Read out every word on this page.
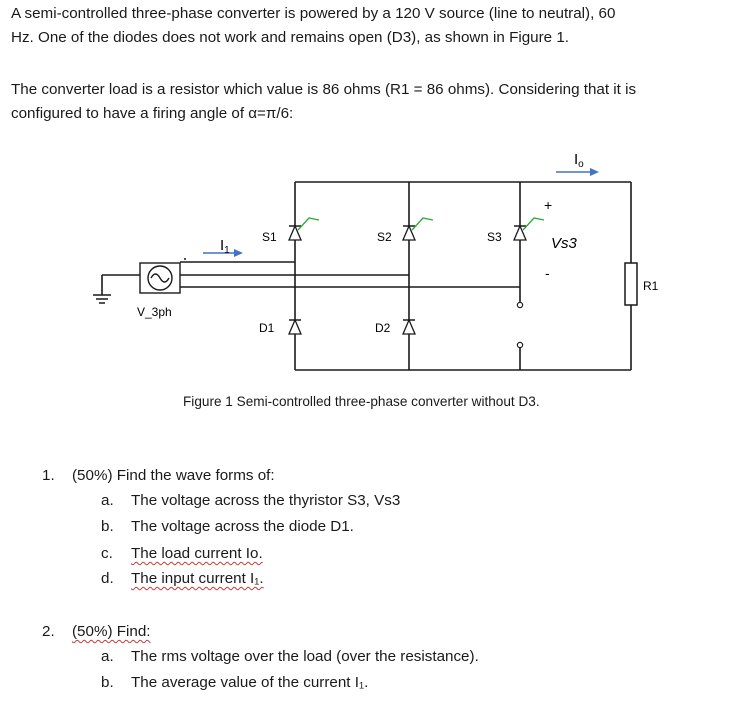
A semi-controlled three-phase converter is powered by a 120 V source (line to neutral), 60
Hz. One of the diodes does not work and remains open (D3), as shown in Figure 1.

The converter load is a resistor which value is 86 ohms (R1 = 86 ohms). Considering that it is
configured to have a firing angle of α=π/6:

$I_1$
$I_o$
S1	S2	S3
D1	D2
Vs3
+
-
R1
V_3ph
Figure 1 Semi-controlled three-phase converter without D3.
1. (50%) Find the wave forms of:
a. The voltage across the thyristor S3, Vs3
b. The voltage across the diode D1.
c. The load current Io.
d. The input current I₁.
2. (50%) Find:
a. The rms voltage over the load (over the resistance).
b. The average value of the current I₁.
